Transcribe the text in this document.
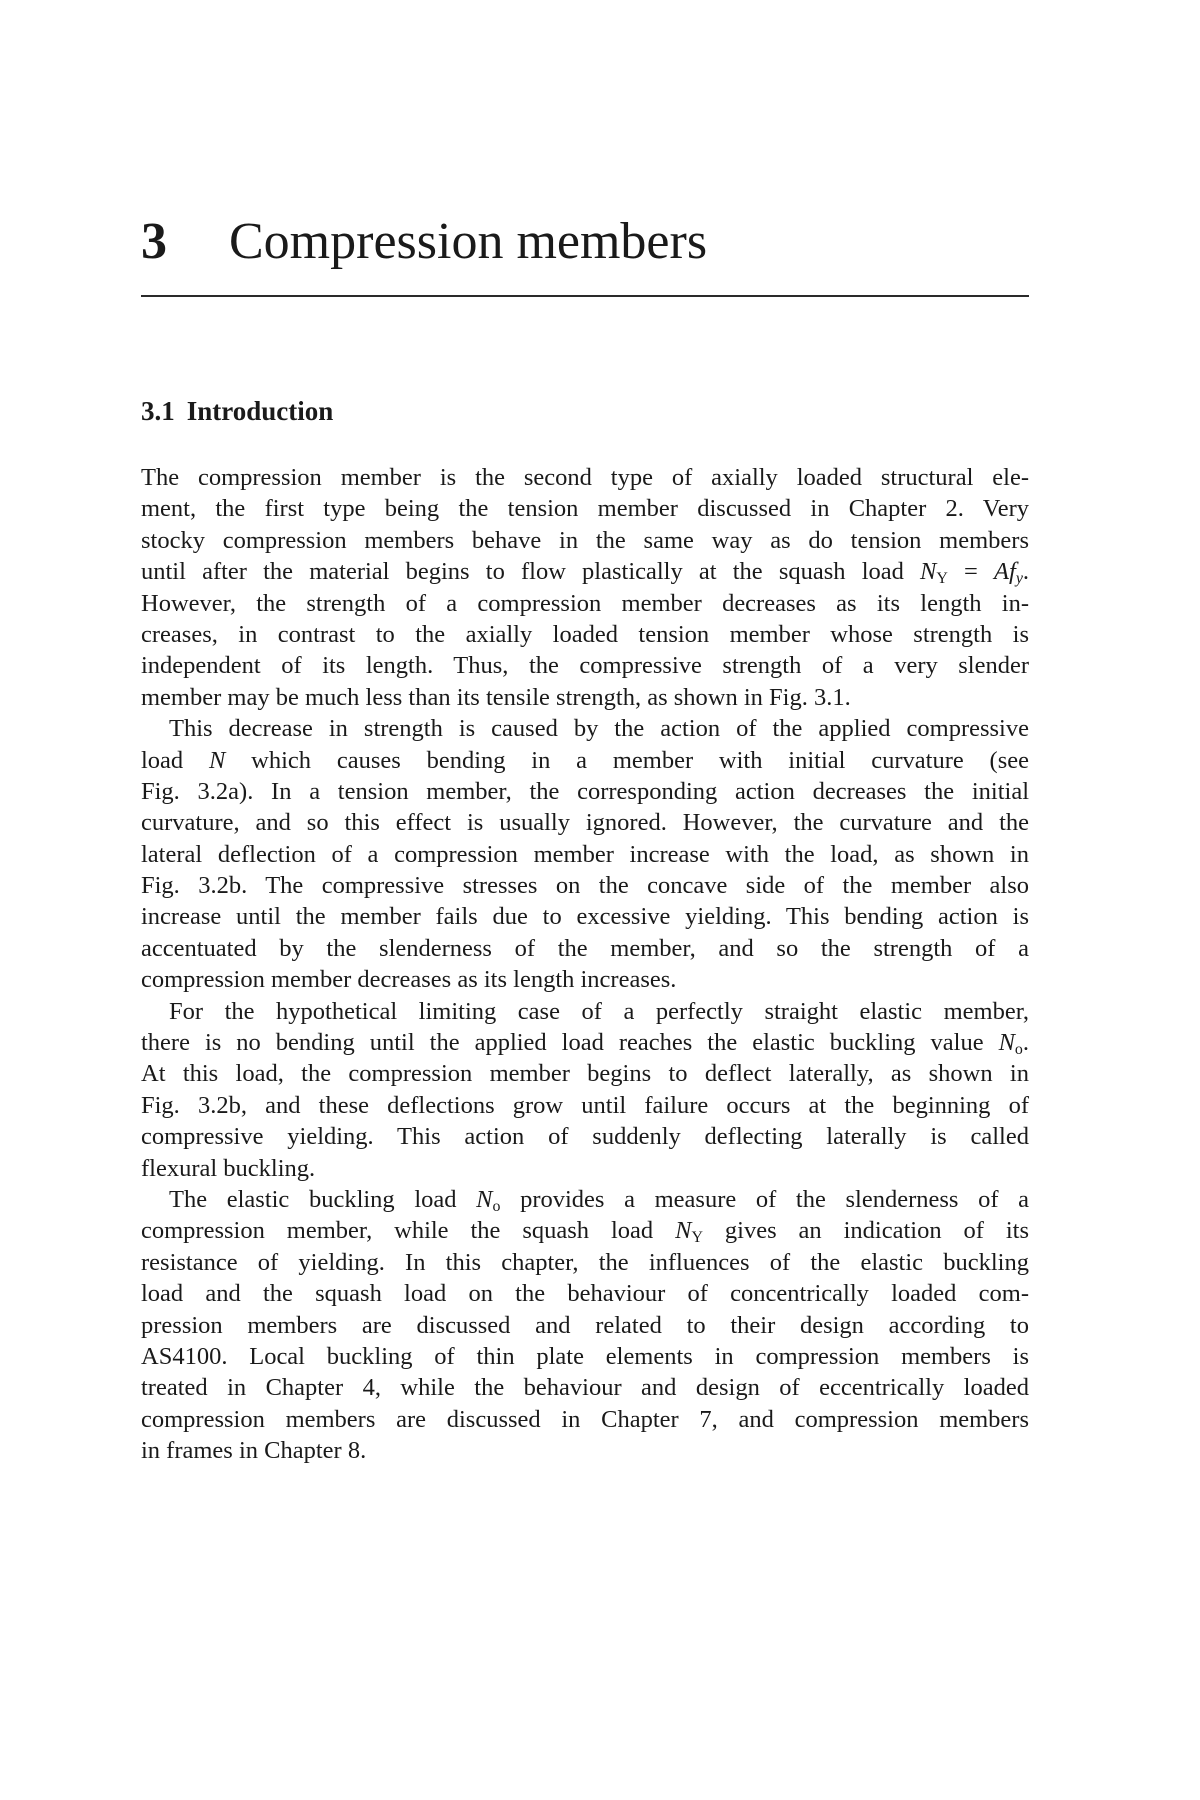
3 Compression members
3.1 Introduction
The compression member is the second type of axially loaded structural ele-
ment, the first type being the tension member discussed in Chapter 2. Very
stocky compression members behave in the same way as do tension members
until after the material begins to flow plastically at the squash load $N_Y = Af_y$.
However, the strength of a compression member decreases as its length in-
creases, in contrast to the axially loaded tension member whose strength is
independent of its length. Thus, the compressive strength of a very slender
member may be much less than its tensile strength, as shown in Fig. 3.1.
This decrease in strength is caused by the action of the applied compressive
load N which causes bending in a member with initial curvature (see
Fig. 3.2a). In a tension member, the corresponding action decreases the initial
curvature, and so this effect is usually ignored. However, the curvature and the
lateral deflection of a compression member increase with the load, as shown in
Fig. 3.2b. The compressive stresses on the concave side of the member also
increase until the member fails due to excessive yielding. This bending action is
accentuated by the slenderness of the member, and so the strength of a
compression member decreases as its length increases.
For the hypothetical limiting case of a perfectly straight elastic member,
there is no bending until the applied load reaches the elastic buckling value $N_o$.
At this load, the compression member begins to deflect laterally, as shown in
Fig. 3.2b, and these deflections grow until failure occurs at the beginning of
compressive yielding. This action of suddenly deflecting laterally is called
flexural buckling.
The elastic buckling load $N_o$ provides a measure of the slenderness of a
compression member, while the squash load $N_Y$ gives an indication of its
resistance of yielding. In this chapter, the influences of the elastic buckling
load and the squash load on the behaviour of concentrically loaded com-
pression members are discussed and related to their design according to
AS4100. Local buckling of thin plate elements in compression members is
treated in Chapter 4, while the behaviour and design of eccentrically loaded
compression members are discussed in Chapter 7, and compression members
in frames in Chapter 8.
